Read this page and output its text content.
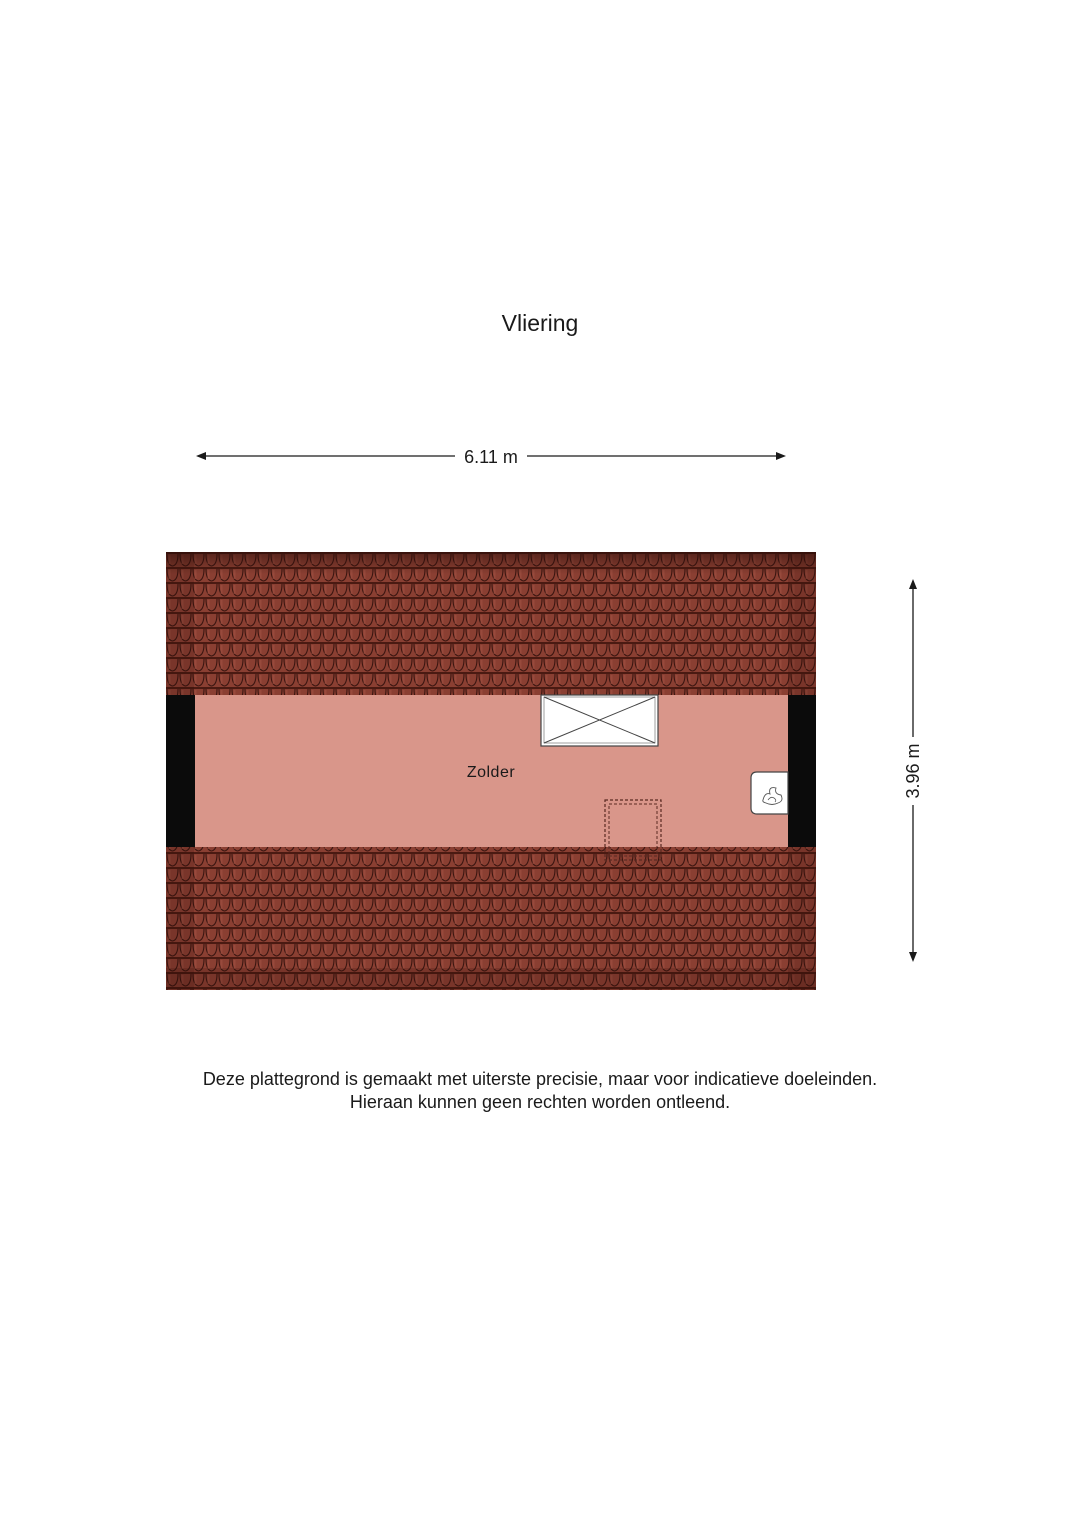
Vliering
Zolder
6.11 m
3.96 m
Deze plattegrond is gemaakt met uiterste precisie, maar voor indicatieve doeleinden.
Hieraan kunnen geen rechten worden ontleend.
